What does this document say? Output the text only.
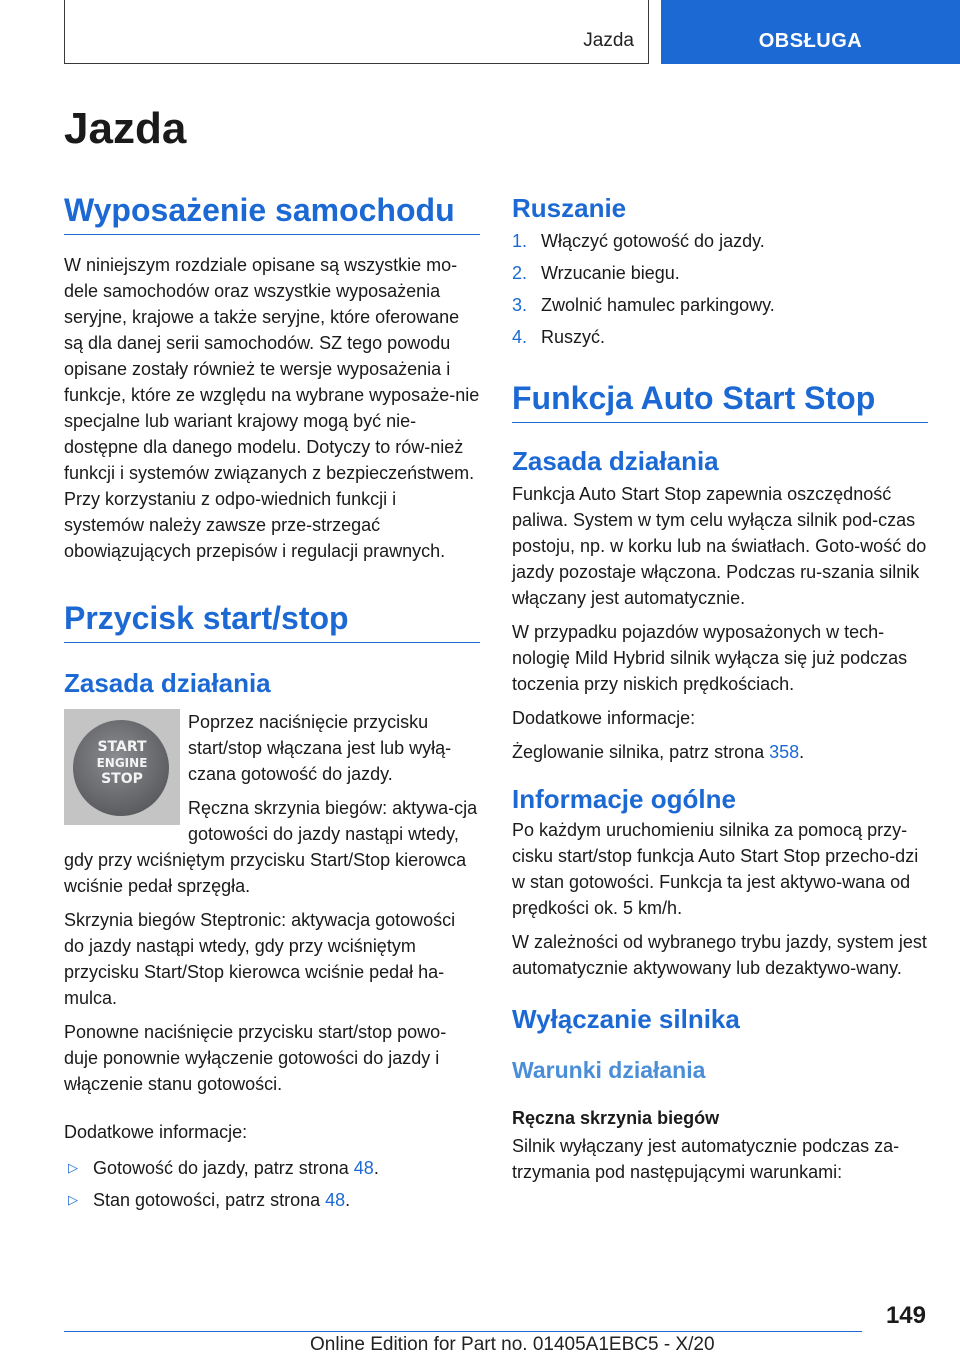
Jazda	OBSŁUGA
Jazda
Wyposażenie samochodu

W niniejszym rozdziale opisane są wszystkie mo-dele samochodów oraz wszystkie wyposażenia seryjne, krajowe a także seryjne, które oferowane są dla danej serii samochodów. SZ tego powodu opisane zostały również te wersje wyposażenia i funkcje, które ze względu na wybrane wyposaże-nie specjalne lub wariant krajowy mogą być nie-dostępne dla danego modelu. Dotyczy to rów-nież funkcji i systemów związanych z bezpieczeństwem. Przy korzystaniu z odpo-wiednich funkcji i systemów należy zawsze prze-strzegać obowiązujących przepisów i regulacji prawnych.

Przycisk start/stop
Zasada działania
START
ENGINE
STOP

Poprzez naciśnięcie przycisku start/stop włączana jest lub wyłą-czana gotowość do jazdy.

Ręczna skrzynia biegów: aktywa-cja gotowości do jazdy nastąpi wtedy, gdy przy wciśniętym przycisku Start/Stop kierowca wciśnie pedał sprzęgła.

Skrzynia biegów Steptronic: aktywacja gotowości do jazdy nastąpi wtedy, gdy przy wciśniętym przycisku Start/Stop kierowca wciśnie pedał ha-mulca.

Ponowne naciśnięcie przycisku start/stop powo-duje ponownie wyłączenie gotowości do jazdy i włączenie stanu gotowości.

Dodatkowe informacje:

▷ Gotowość do jazdy, patrz strona 48.
▷ Stan gotowości, patrz strona 48.
Ruszanie
1. Włączyć gotowość do jazdy.
2. Wrzucanie biegu.
3. Zwolnić hamulec parkingowy.
4. Ruszyć.
Funkcja Auto Start Stop
Zasada działania

Funkcja Auto Start Stop zapewnia oszczędność paliwa. System w tym celu wyłącza silnik pod-czas postoju, np. w korku lub na światłach. Goto-wość do jazdy pozostaje włączona. Podczas ru-szania silnik włączany jest automatycznie.

W przypadku pojazdów wyposażonych w tech-nologię Mild Hybrid silnik wyłącza się już podczas toczenia przy niskich prędkościach.

Dodatkowe informacje:

Żeglowanie silnika, patrz strona 358.

Informacje ogólne

Po każdym uruchomieniu silnika za pomocą przy-cisku start/stop funkcja Auto Start Stop przecho-dzi w stan gotowości. Funkcja ta jest aktywo-wana od prędkości ok. 5 km/h.

W zależności od wybranego trybu jazdy, system jest automatycznie aktywowany lub dezaktywo-wany.

Wyłączanie silnika
Warunki działania
Ręczna skrzynia biegów

Silnik wyłączany jest automatycznie podczas za-trzymania pod następującymi warunkami:

149
Online Edition for Part no. 01405A1EBC5 - X/20
